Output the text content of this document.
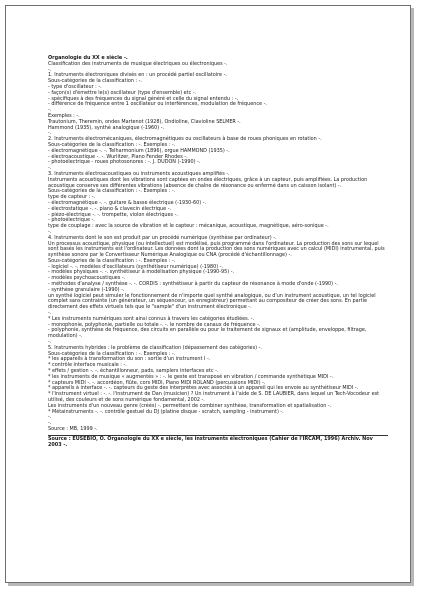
Organologie du XX e siècle -.
Classification des instruments de musique électriques ou électroniques -.
-.
1. Instruments électroniques divisés en : un procédé partiel oscillatoire -.
Sous-catégories de la classification : -.
- type d'oscillateur : -.
- façon(s) d'émettre le(s) oscillateur (type d'ensemble) etc -.
- spécifiques à des fréquences du signal généré et celle du signal entendu : -.
- différence de fréquence entre 1 oscillateur ou interférences, modulation de fréquence -.
-.
Exemples : -.
Trautonium, Theremin, ondes Martenot (1928), Ondioline, Clavioline SELMER -.
Hammond (1935), synthé analogique (-1960) -.
-.
2. Instruments électromécaniques, électromagnétiques ou oscillateurs à base de roues phoniques en rotation -.
Sous-catégories de la classification : -. Exemples : -.
- électromagnétique -. -. Telharmonium (1896), orgue HAMMOND (1935) -.
- électroacoustique -. -. Wurlitzer, Piano Fender Rhodes -.
- photoélectrique - roues photosonores : -. J. DUDON (-1990) -.
-.
3. Instruments électroacoustiques ou instruments acoustiques amplifiés -.
Instruments acoustiques dont les vibrations sont captées en ondes électriques, grâce à un capteur, puis amplifiées. La production acoustique conserve ses différentes vibrations (absence de chaîne de résonance ou enfermé dans un caisson isolant) -.
Sous-catégories de la classification : -. Exemples : -.
type de capteur : -.
- électromagnétique -. -. guitare & basse électrique (-1930-60) -.
- électrostatique -. -. piano & clavecin électrique -.
- piézo-électrique -. -. trompette, violon électriques -.
- photoélectrique -.
type de couplage : avec la source de vibration et le capteur : mécanique, acoustique, magnétique, aéro-sonique -.
-.
4. Instruments dont le son est produit par un procédé numérique (synthèse par ordinateur) -.
Un processus acoustique, physique (ou intellectuel) est modélisé, puis programmé dans l'ordinateur. La production des sons sur lequel sont basés les instruments est l'ordinateur. Les données dont la production des sons numériques avec un calcul (MIDI) instrumental, puis synthèse sonore par le Convertisseur Numérique Analogique ou CNA (procédé d'échantillonnage) -.
Sous-catégories de la classification : -. Exemples : -.
- logiciel -. -. modèles d'oscillateurs (synthétiseur numérique) (-1980) -.
- modèles physiques -. -. synthétiseur à modélisation physique (-1990-95) -.
- modèles psychoacoustiques -.
- méthodes d'analyse / synthèse -. -. CORDIS : synthétiseur à partir du capteur de résonance à mode d'onde (-1990) -.
- synthèse granulaire (-1990) -.
un synthé logiciel peut simuler le fonctionnement de n'importe quel synthé analogique, ou d'un instrument acoustique, un tel logiciel complet sans contrainte (un générateur, un séquenceur, un enregistreur) permettant au compositeur de créer des sons. En partie directement des effets virtuels tels que le "sample" d'un instrument électronique -.
-.
* Les instruments numériques sont ainsi connus à travers les catégories étudiées. -.
- monophonie, polyphonie, partielle ou totale -. -. le nombre de canaux de fréquence -.
- polyphonie, synthèse de fréquence, des circuits en parallèle ou pour le traitement de signaux et (amplitude, enveloppe, filtrage, modulation) -.
-.
5. Instruments hybrides : le problème de classification (dépassement des catégories) -.
Sous-catégories de la classification : -. Exemples : -.
* les appareils à transformation du son : sortie d'un instrument I -.
* contrôle interface musicale : -.
* effets / gestion -. -. échantillonneur, pads, samplers interfaces etc -.
* les instruments de musique « augmentés » : -. le geste est transposé en vibration / commande synthétique MIDI -.
* capteurs MIDI -. -. accordéon, flûte, cors MIDI, Piano MIDI ROLAND (percussions MIDI) -.
* appareils à interface -. -. capteurs du geste des interprètes avec associés à un appareil qui les envoie au synthétiseur MIDI -.
* l'instrument virtuel : -. -. l'instrument de Dan (musicien) ? Un instrument à l'aide de S. DE LAUBIER, dans lequel un Tech-Vocodeur est utilisé, des couleurs et de sons numérique fondamental, 2002 -.
Les instruments d'un nouveau genre (créés) -. permettent de combiner synthèse, transformation et spatialisation -.
* Métainstruments -. -. contrôle gestuel du DJ (platine disque - scratch, sampling - instrument) -.
-.
-.
Source : MB, 1999 -.
Source : EUSEBIO, O. Organologie du XX e siècle, les instruments électroniques (Cahier de l'IRCAM, 1996) Archiv. Nov 2003 -.
